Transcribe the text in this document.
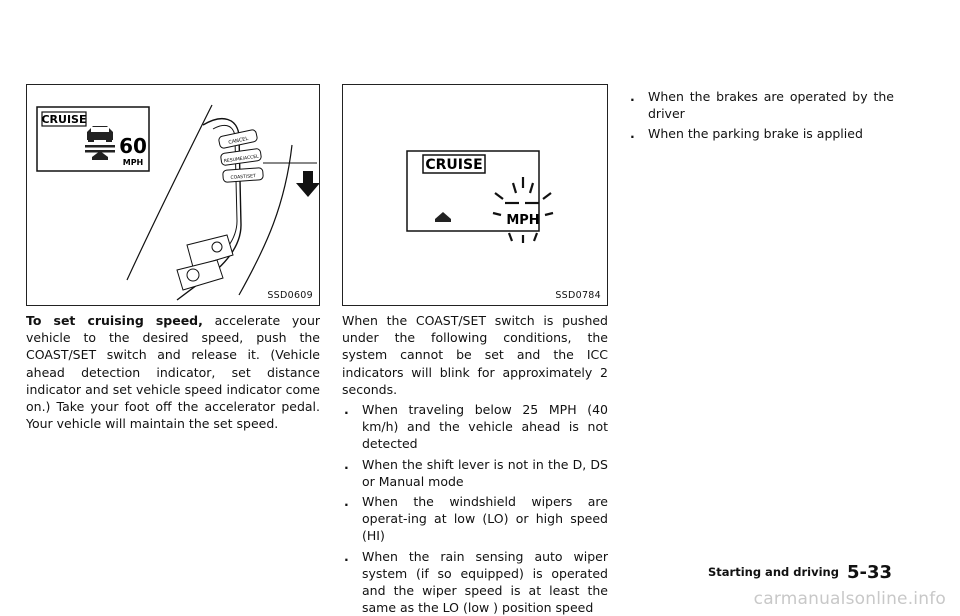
CRUISE
60
MPH
CANCEL
RESUME/ACCEL
COAST/SET
SSD0609
CRUISE
MPH
SSD0784

To set cruising speed, accelerate your vehicle to the desired speed, push the COAST/SET switch and release it. (Vehicle ahead detection indicator, set distance indicator and set vehicle speed indicator come on.) Take your foot off the accelerator pedal. Your vehicle will maintain the set speed.

When the COAST/SET switch is pushed under the following conditions, the system cannot be set and the ICC indicators will blink for approximately 2 seconds.

. When traveling below 25 MPH (40 km/h) and the vehicle ahead is not detected
. When the shift lever is not in the D, DS or Manual mode
. When the windshield wipers are operat-ing at low (LO) or high speed (HI)
. When the rain sensing auto wiper system (if so equipped) is operated and the wiper speed is at least the same as the LO (low ) position speed
. When the brakes are operated by the driver
. When the parking brake is applied
Starting and driving 5-33
carmanualsonline.info
